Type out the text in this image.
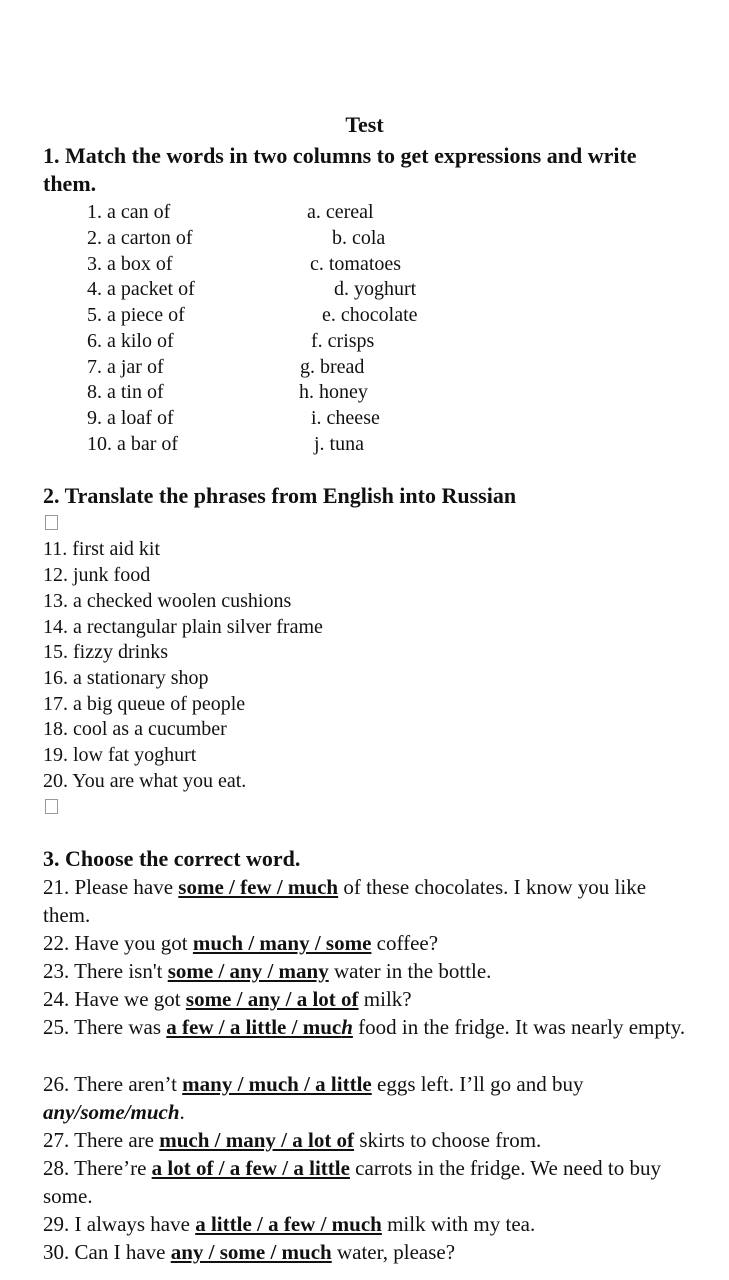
Test
1. Match the words in two columns to get expressions and write them.
1. a can of
2. a carton of
3. a box of
4. a packet of
5. a piece of
6. a kilo of
7. a jar of
8. a tin of
9. a loaf of
10. a bar of
a. cereal
b. cola
c. tomatoes
d. yoghurt
e. chocolate
f. crisps
g. bread
h. honey
i. cheese
j. tuna
2. Translate the phrases from English into Russian
11. first aid kit
12. junk food
13. a checked woolen cushions
14. a rectangular plain silver frame
15. fizzy drinks
16. a stationary shop
17. a big queue of people
18. cool as a cucumber
19. low fat yoghurt
20. You are what you eat.
3. Choose the correct word.
21. Please have some / few / much of these chocolates. I know you like them.
22. Have you got much / many / some coffee?
23. There isn't some / any / many water in the bottle.
24. Have we got some / any / a lot of milk?
25. There was a few / a little / much food in the fridge. It was nearly empty.
26. There aren’t many / much / a little eggs left. I’ll go and buy any/some/much.
27. There are much / many / a lot of skirts to choose from.
28. There’re a lot of / a few / a little carrots in the fridge. We need to buy some.
29. I always have a little / a few / much milk with my tea.
30. Can I have any / some / much water, please?
